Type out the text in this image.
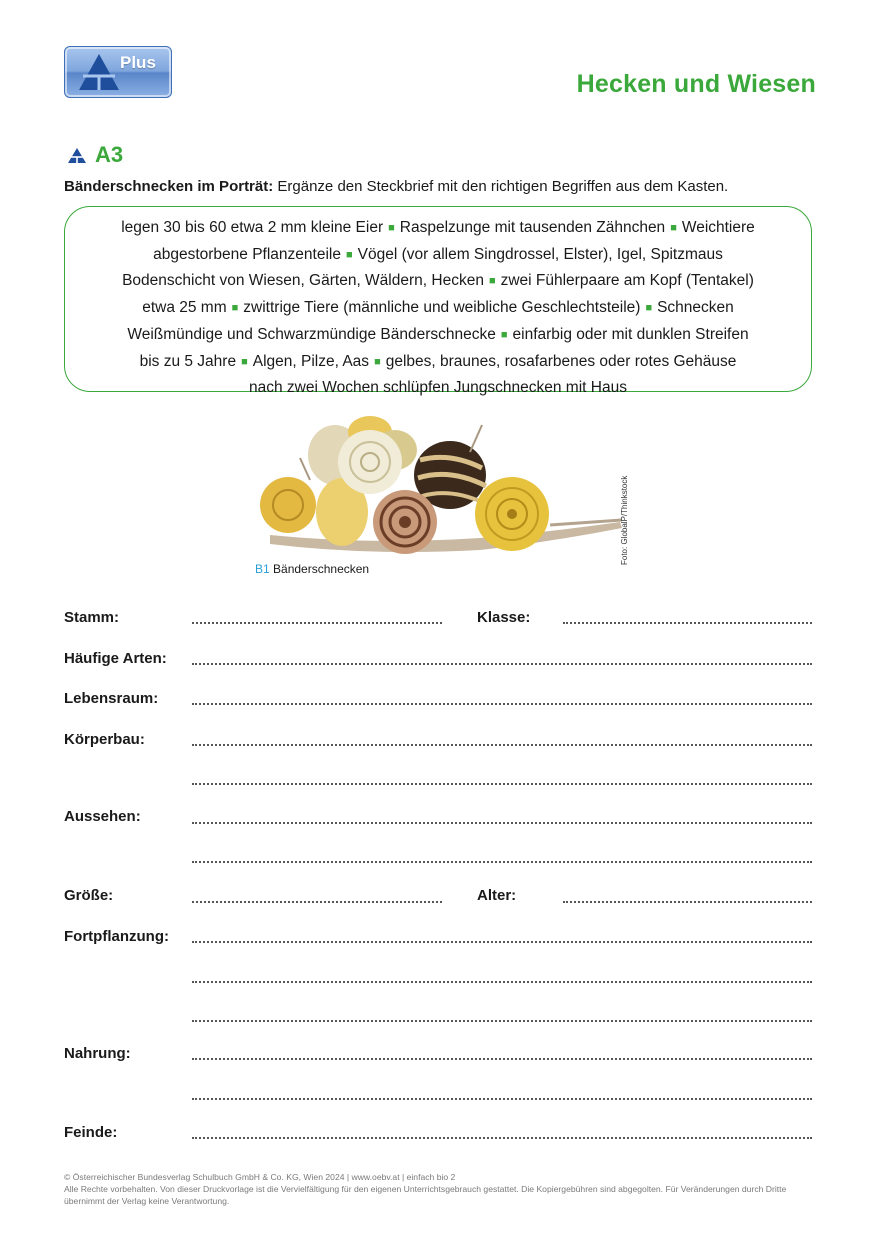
Plus
Hecken und Wiesen
A3
Bänderschnecken im Porträt: Ergänze den Steckbrief mit den richtigen Begriffen aus dem Kasten.
legen 30 bis 60 etwa 2 mm kleine Eier ■ Raspelzunge mit tausenden Zähnchen ■ Weichtiere
abgestorbene Pflanzenteile ■ Vögel (vor allem Singdrossel, Elster), Igel, Spitzmaus
Bodenschicht von Wiesen, Gärten, Wäldern, Hecken ■ zwei Fühlerpaare am Kopf (Tentakel)
etwa 25 mm ■ zwittrige Tiere (männliche und weibliche Geschlechtsteile) ■ Schnecken
Weißmündige und Schwarzmündige Bänderschnecke ■ einfarbig oder mit dunklen Streifen
bis zu 5 Jahre ■ Algen, Pilze, Aas ■ gelbes, braunes, rosafarbenes oder rotes Gehäuse
nach zwei Wochen schlüpfen Jungschnecken mit Haus
Foto: GlobalP/Thinkstock
B1 Bänderschnecken
Stamm:	Klasse:
Häufige Arten:
Lebensraum:
Körperbau:
Aussehen:
Größe:	Alter:
Fortpflanzung:
Nahrung:
Feinde:
© Österreichischer Bundesverlag Schulbuch GmbH & Co. KG, Wien 2024 | www.oebv.at | einfach bio 2
Alle Rechte vorbehalten. Von dieser Druckvorlage ist die Vervielfältigung für den eigenen Unterrichtsgebrauch gestattet. Die Kopiergebühren sind abgegolten. Für Veränderungen durch Dritte übernimmt der Verlag keine Verantwortung.
